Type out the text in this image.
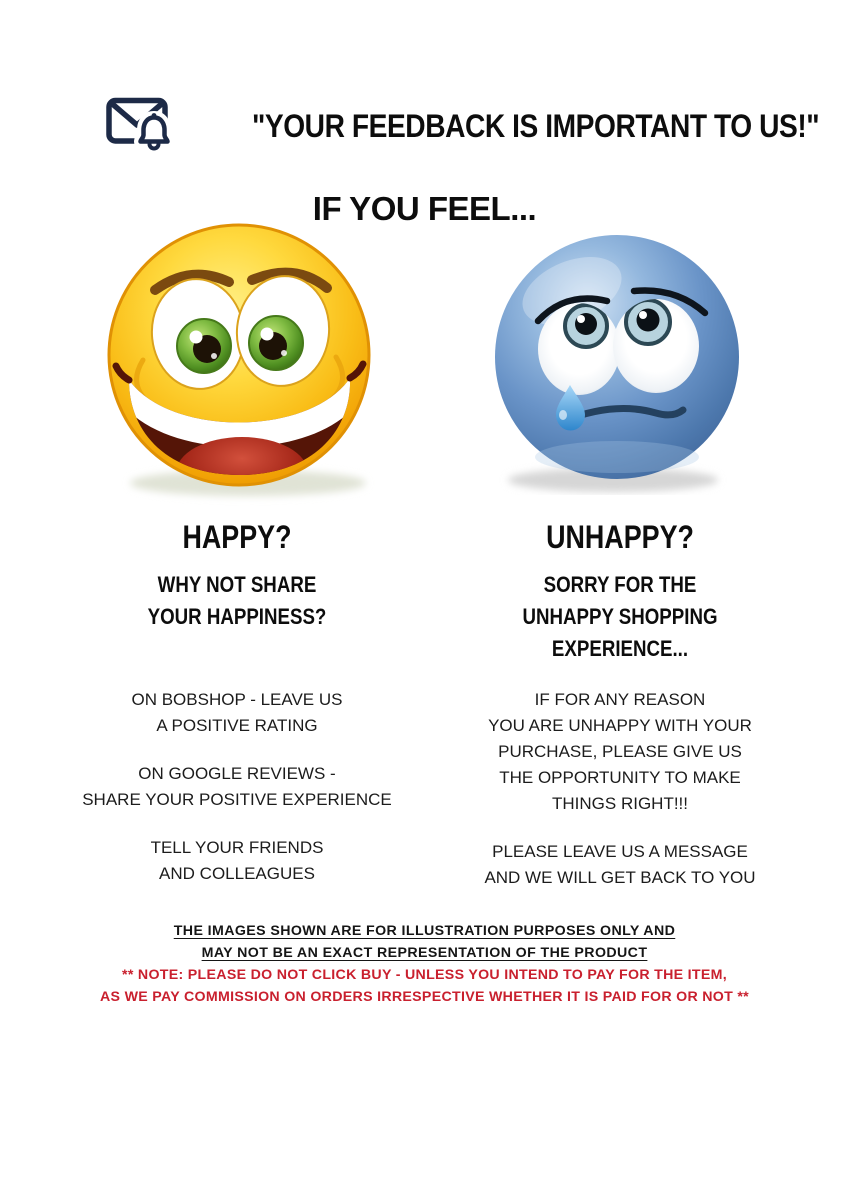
"YOUR FEEDBACK IS IMPORTANT TO US!"
IF YOU FEEL...
HAPPY?
WHY NOT SHARE
YOUR HAPPINESS?
ON BOBSHOP - LEAVE US
A POSITIVE RATING
ON GOOGLE REVIEWS -
SHARE YOUR POSITIVE EXPERIENCE
TELL YOUR FRIENDS
AND COLLEAGUES
UNHAPPY?
SORRY FOR THE
UNHAPPY SHOPPING
EXPERIENCE...
IF FOR ANY REASON
YOU ARE UNHAPPY WITH YOUR
PURCHASE, PLEASE GIVE US
THE OPPORTUNITY TO MAKE
THINGS RIGHT!!!
PLEASE LEAVE US A MESSAGE
AND WE WILL GET BACK TO YOU
THE IMAGES SHOWN ARE FOR ILLUSTRATION PURPOSES ONLY AND
MAY NOT BE AN EXACT REPRESENTATION OF THE PRODUCT
** NOTE: PLEASE DO NOT CLICK BUY - UNLESS YOU INTEND TO PAY FOR THE ITEM,
AS WE PAY COMMISSION ON ORDERS IRRESPECTIVE WHETHER IT IS PAID FOR OR NOT **
